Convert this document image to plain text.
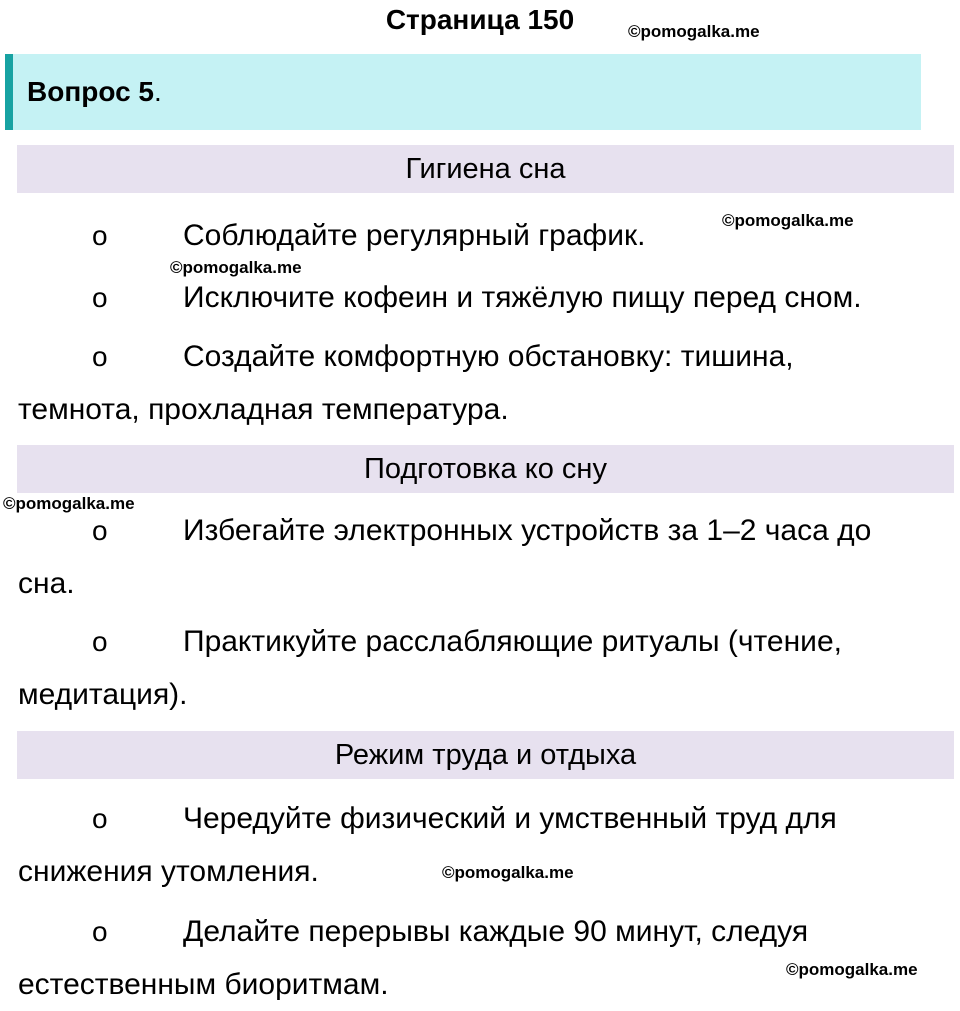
Страница 150	©pomogalka.me
Вопрос 5.
Гигиена сна
©pomogalka.me
o	Соблюдайте регулярный график.
©pomogalka.me
o	Исключите кофеин и тяжёлую пищу перед сном.
o	Создайте комфортную обстановку: тишина, темнота, прохладная температура.
Подготовка ко сну
©pomogalka.me
o	Избегайте электронных устройств за 1–2 часа до сна.
o	Практикуйте расслабляющие ритуалы (чтение, медитация).
Режим труда и отдыха
o	Чередуйте физический и умственный труд для снижения утомления.	©pomogalka.me
o	Делайте перерывы каждые 90 минут, следуя естественным биоритмам.	©pomogalka.me
